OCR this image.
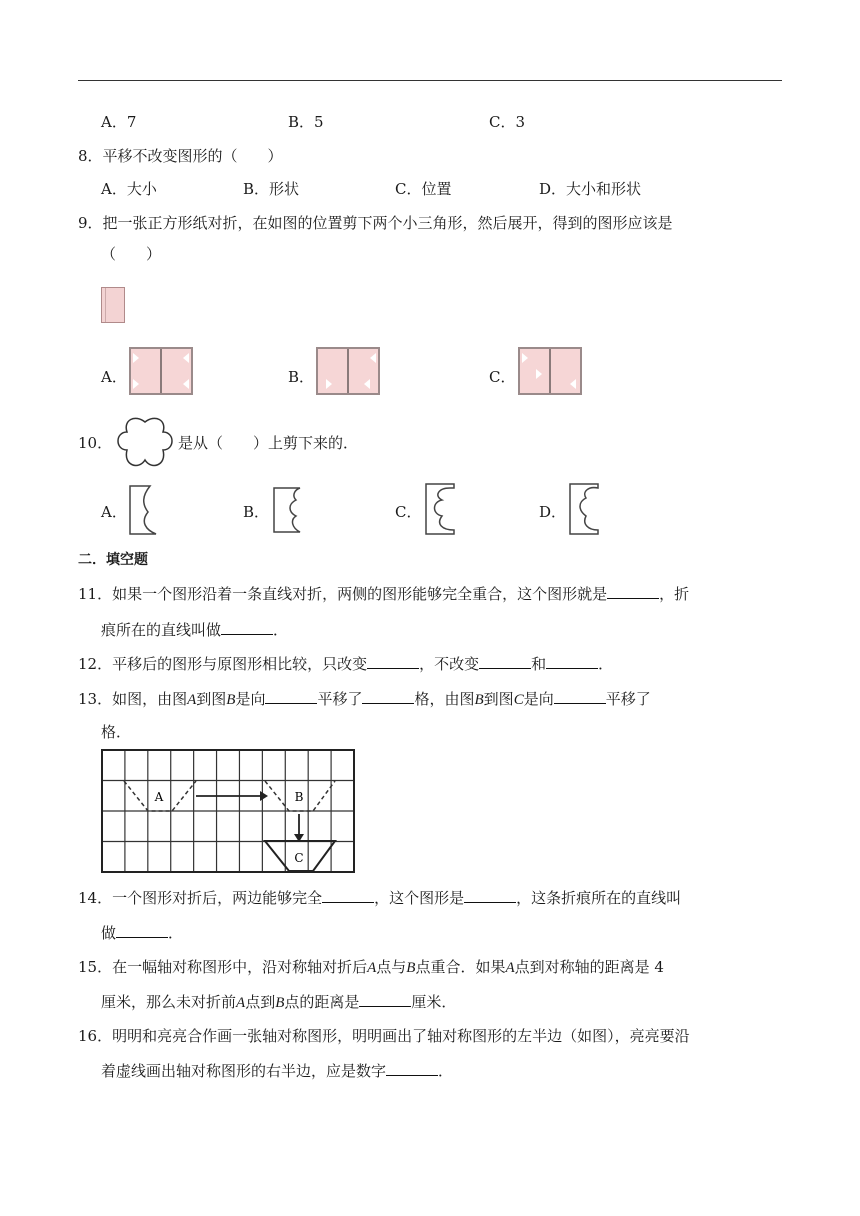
A．7	B．5	C．3
8．平移不改变图形的（　　）
A．大小	B．形状	C．位置	D．大小和形状
9．把一张正方形纸对折，在如图的位置剪下两个小三角形，然后展开，得到的图形应该是
（　　）
A．	B．	C．
10．	是从（　　）上剪下来的．
A．	B．	C．	D．
二．填空题
11．如果一个图形沿着一条直线对折，两侧的图形能够完全重合，这个图形就是	，折
痕所在的直线叫做	．
12．平移后的图形与原图形相比较，只改变	，不改变	和	．
13．如图，由图A到图B是向	平移了	格，由图B到图C是向	平移了
格．
A	B
C
14．一个图形对折后，两边能够完全	，这个图形是	，这条折痕所在的直线叫
做	．
15．在一幅轴对称图形中，沿对称轴对折后A点与B点重合．如果A点到对称轴的距离是 4
厘米，那么未对折前A点到B点的距离是	厘米．
16．明明和亮亮合作画一张轴对称图形，明明画出了轴对称图形的左半边（如图），亮亮要沿
着虚线画出轴对称图形的右半边，应是数字	．
